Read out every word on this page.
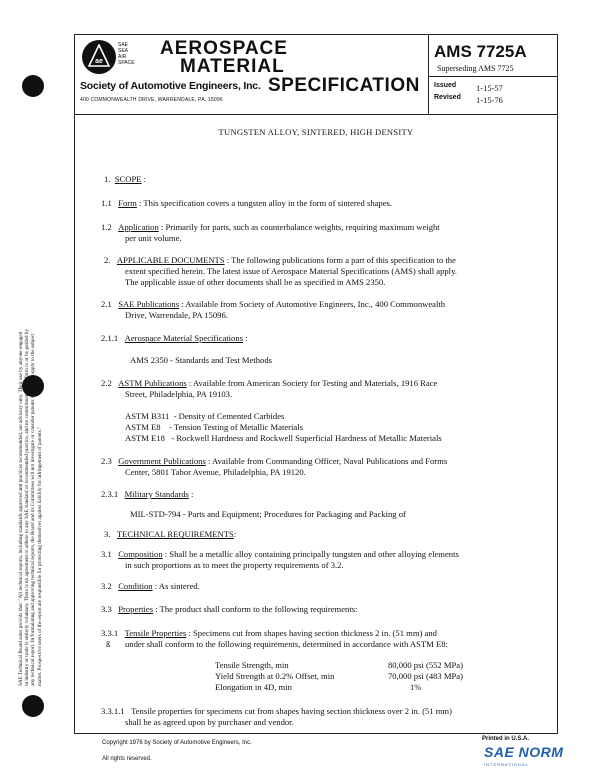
ae
SAE
SEA
AIR
SPACE
AEROSPACE
MATERIAL
SPECIFICATION
Society of Automotive Engineers, Inc.
400 COMMONWEALTH DRIVE, WARRENDALE, PA. 15096
AMS 7725A
Superseding AMS 7725
Issued 1-15-57
Revised 1-15-76
TUNGSTEN ALLOY, SINTERED, HIGH DENSITY
1. SCOPE :
1.1 Form : This specification covers a tungsten alloy in the form of sintered shapes.
1.2 Application : Primarily for parts, such as counterbalance weights, requiring maximum weight
per unit volume.
2. APPLICABLE DOCUMENTS : The following publications form a part of this specification to the
extent specified herein. The latest issue of Aerospace Material Specifications (AMS) shall apply.
The applicable issue of other documents shall be as specified in AMS 2350.
2.1 SAE Publications : Available from Society of Automotive Engineers, Inc., 400 Commonwealth
Drive, Warrendale, PA 15096.
2.1.1 Aerospace Material Specifications :
AMS 2350 - Standards and Test Methods
2.2 ASTM Publications : Available from American Society for Testing and Materials, 1916 Race
Street, Philadelphia, PA 19103.
ASTM B311  - Density of Cemented Carbides
ASTM E8    - Tension Testing of Metallic Materials
ASTM E18   - Rockwell Hardness and Rockwell Superficial Hardness of Metallic Materials
2.3 Government Publications : Available from Commanding Officer, Naval Publications and Forms
Center, 5801 Tabor Avenue, Philadelphia, PA 19120.
2.3.1 Military Standards :
MIL-STD-794 - Parts and Equipment; Procedures for Packaging and Packing of
3. TECHNICAL REQUIREMENTS:
3.1 Composition : Shall be a metallic alloy containing principally tungsten and other alloying elements
in such proportions as to meet the property requirements of 3.2.
3.2 Condition : As sintered.
3.3 Properties : The product shall conform to the following requirements:
3.3.1 Tensile Properties : Specimens cut from shapes having section thickness 2 in. (51 mm) and
ß under shall conform to the following requirements, determined in accordance with ASTM E8:
Tensile Strength, min	80,000 psi (552 MPa)
Yield Strength at 0.2% Offset, min	70,000 psi (483 MPa)
Elongation in 4D, min	1%
3.3.1.1 Tensile properties for specimens cut from shapes having section thickness over 2 in. (51 mm)
shall be as agreed upon by purchaser and vendor.
SAE Technical Board rules provide that: "All technical reports, including standards approved and practices recommended, are advisory only. Their use by anyone engaged in industry or trade is entirely voluntary. There is no agreement to adhere to any SAE standard or recommended practice, and no commitment to conform to or be guided by any technical report. In formulating and approving technical reports, the Board and its Committees will not investigate or consider patents which may apply to the subject matter. Prospective users of the report are responsible for protecting themselves against liability for infringement of patents."
Copyright 1976 by Society of Automotive Engineers, Inc.
All rights reserved.
Printed in U.S.A.
SAE NORM
INTERNATIONAL
